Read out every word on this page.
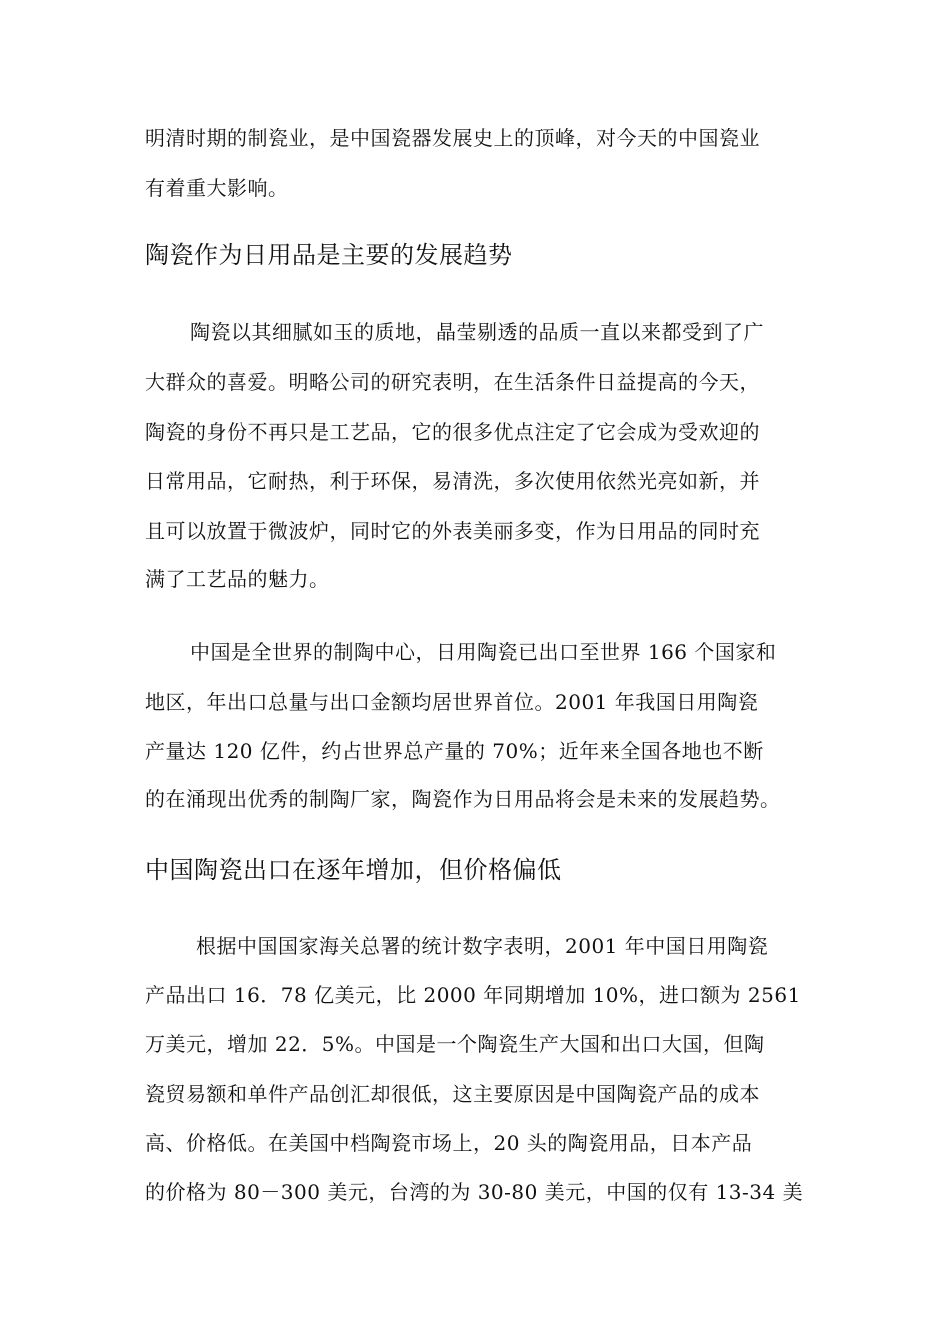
明清时期的制瓷业，是中国瓷器发展史上的顶峰，对今天的中国瓷业
有着重大影响。
陶瓷作为日用品是主要的发展趋势
陶瓷以其细腻如玉的质地，晶莹剔透的品质一直以来都受到了广
大群众的喜爱。明略公司的研究表明，在生活条件日益提高的今天，
陶瓷的身份不再只是工艺品，它的很多优点注定了它会成为受欢迎的
日常用品，它耐热，利于环保，易清洗，多次使用依然光亮如新，并
且可以放置于微波炉，同时它的外表美丽多变，作为日用品的同时充
满了工艺品的魅力。
中国是全世界的制陶中心，日用陶瓷已出口至世界 166 个国家和
地区，年出口总量与出口金额均居世界首位。2001 年我国日用陶瓷
产量达 120 亿件，约占世界总产量的 70%；近年来全国各地也不断
的在涌现出优秀的制陶厂家，陶瓷作为日用品将会是未来的发展趋势。
中国陶瓷出口在逐年增加，但价格偏低
根据中国国家海关总署的统计数字表明，2001 年中国日用陶瓷
产品出口 16．78 亿美元，比 2000 年同期增加 10%，进口额为 2561
万美元，增加 22．5%。中国是一个陶瓷生产大国和出口大国，但陶
瓷贸易额和单件产品创汇却很低，这主要原因是中国陶瓷产品的成本
高、价格低。在美国中档陶瓷市场上，20 头的陶瓷用品，日本产品
的价格为 80－300 美元，台湾的为 30-80 美元，中国的仅有 13-34 美
